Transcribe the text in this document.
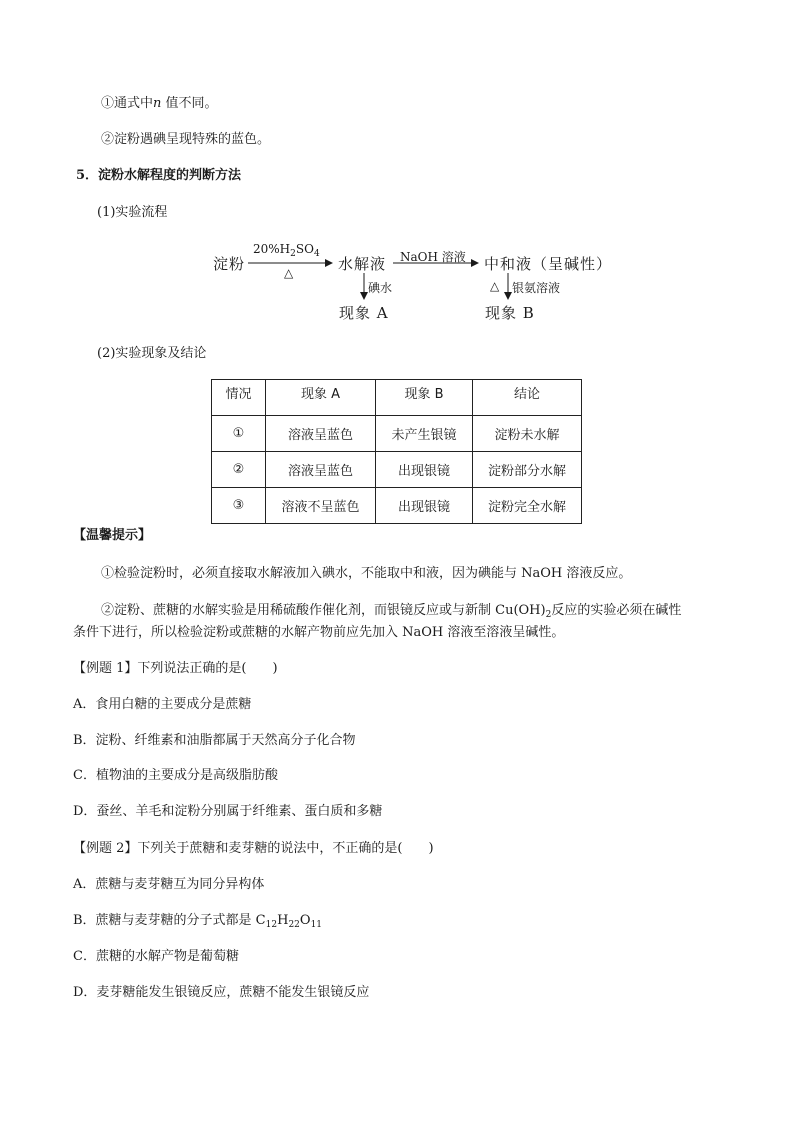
①通式中n 值不同。
②淀粉遇碘呈现特殊的蓝色。
5．淀粉水解程度的判断方法
(1)实验流程
淀粉
$20\%H_2SO_4$
△	水解液 NaOH 溶液 中和液（呈碱性）
碘水	△ 银氨溶液
现象 A	现象 B
(2)实验现象及结论
情况	现象 A	现象 B	结论
①	溶液呈蓝色	未产生银镜	淀粉未水解
②	溶液呈蓝色	出现银镜	淀粉部分水解
③	溶液不呈蓝色	出现银镜	淀粉完全水解
【温馨提示】
①检验淀粉时，必须直接取水解液加入碘水，不能取中和液，因为碘能与 NaOH 溶液反应。
②淀粉、蔗糖的水解实验是用稀硫酸作催化剂，而银镜反应或与新制 $Cu(OH)_2$反应的实验必须在碱性
条件下进行，所以检验淀粉或蔗糖的水解产物前应先加入 NaOH 溶液至溶液呈碱性。
【例题 1】下列说法正确的是(　　)
A．食用白糖的主要成分是蔗糖
B．淀粉、纤维素和油脂都属于天然高分子化合物
C．植物油的主要成分是高级脂肪酸
D．蚕丝、羊毛和淀粉分别属于纤维素、蛋白质和多糖
【例题 2】下列关于蔗糖和麦芽糖的说法中，不正确的是(　　)
A．蔗糖与麦芽糖互为同分异构体
B．蔗糖与麦芽糖的分子式都是 $C_{12}H_{22}O_{11}$
C．蔗糖的水解产物是葡萄糖
D．麦芽糖能发生银镜反应，蔗糖不能发生银镜反应
